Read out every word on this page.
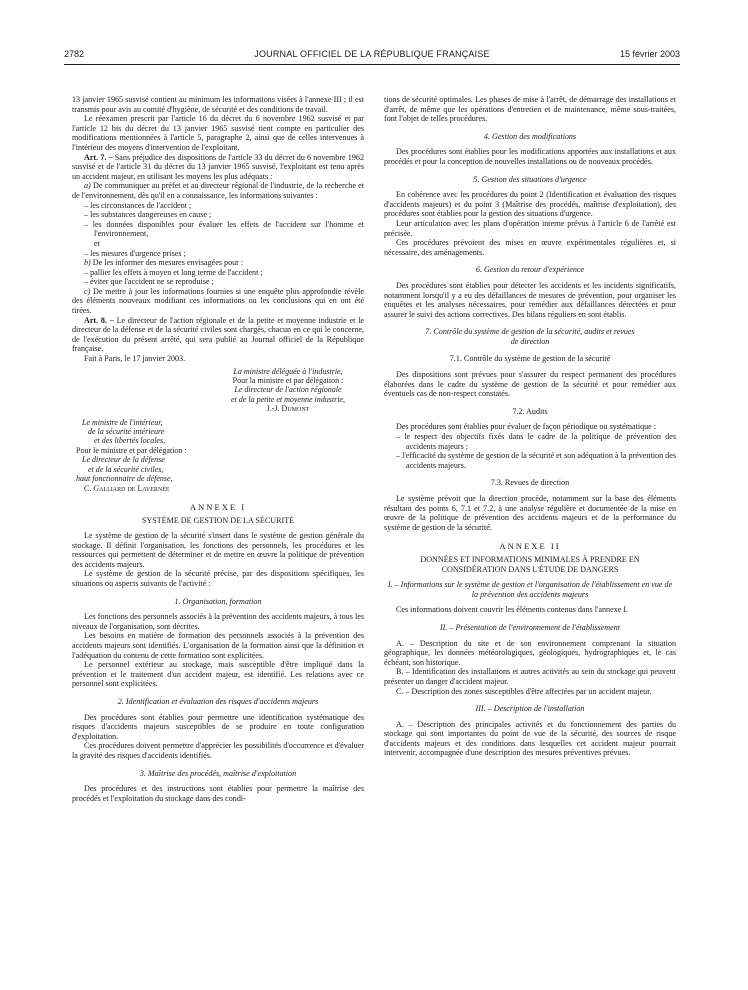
2782	JOURNAL OFFICIEL DE LA RÉPUBLIQUE FRANÇAISE	15 février 2003

13 janvier 1965 susvisé contient au minimum les informations visées à l'annexe III ; il est transmis pour avis au comité d'hygiène, de sécurité et des conditions de travail.

Le réexamen prescrit par l'article 16 du décret du 6 novembre 1962 susvisé et par l'article 12 bis du décret du 13 janvier 1965 susvisé tient compte en particulier des modifications mentionnées à l'article 5, paragraphe 2, ainsi que de celles intervenues à l'intérieur des moyens d'intervention de l'exploitant.

Art. 7. – Sans préjudice des dispositions de l'article 33 du décret du 6 novembre 1962 susvisé et de l'article 31 du décret du 13 janvier 1965 susvisé, l'exploitant est tenu après un accident majeur, en utilisant les moyens les plus adéquats :

a) De communiquer au préfet et au directeur régional de l'industrie, de la recherche et de l'environnement, dès qu'il en a connaissance, les informations suivantes :

– les circonstances de l'accident ;

– les substances dangereuses en cause ;

– les données disponibles pour évaluer les effets de l'accident sur l'homme et l'environnement,

et

– les mesures d'urgence prises ;

b) De les informer des mesures envisagées pour :

– pallier les effets à moyen et long terme de l'accident ;

– éviter que l'accident ne se reproduise ;

c) De mettre à jour les informations fournies si une enquête plus approfondie révèle des éléments nouveaux modifiant ces informations ou les conclusions qui en ont été tirées.

Art. 8. – Le directeur de l'action régionale et de la petite et moyenne industrie et le directeur de la défense et de la sécurité civiles sont chargés, chacun en ce qui le concerne, de l'exécution du présent arrêté, qui sera publié au Journal officiel de la République française.

Fait à Paris, le 17 janvier 2003.

La ministre déléguée à l'industrie,
Pour la ministre et par délégation :
Le directeur de l'action régionale
et de la petite et moyenne industrie,
J.-J. Dumont
Le ministre de l'intérieur,
de la sécurité intérieure
et des libertés locales,
Pour le ministre et par délégation :
Le directeur de la défense
et de la sécurité civiles,
haut fonctionnaire de défense,
C. Galliard de Lavernée

ANNEXE I

SYSTÈME DE GESTION DE LA SÉCURITÉ

Le système de gestion de la sécurité s'insert dans le système de gestion générale du stockage. Il définit l'organisation, les fonctions des personnels, les procédures et les ressources qui permettent de déterminer et de mettre en œuvre la politique de prévention des accidents majeurs.

Le système de gestion de la sécurité précise, par des dispositions spécifiques, les situations ou aspects suivants de l'activité :

1. Organisation, formation

Les fonctions des personnels associés à la prévention des accidents majeurs, à tous les niveaux de l'organisation, sont décrites.

Les besoins en matière de formation des personnels associés à la prévention des accidents majeurs sont identifiés. L'organisation de la formation ainsi que la définition et l'adéquation du contenu de cette formation sont explicitées.

Le personnel extérieur au stockage, mais susceptible d'être impliqué dans la prévention et le traitement d'un accident majeur, est identifié. Les relations avec ce personnel sont explicitées.

2. Identification et évaluation des risques d'accidents majeurs

Des procédures sont établies pour permettre une identification systématique des risques d'accidents majeurs susceptibles de se produire en toute configuration d'exploitation.

Ces procédures doivent permettre d'apprécier les possibilités d'occurrence et d'évaluer la gravité des risques d'accidents identifiés.

3. Maîtrise des procédés, maîtrise d'exploitation

Des procédures et des instructions sont établies pour permettre la maîtrise des procédés et l'exploitation du stockage dans des condi-

tions de sécurité optimales. Les phases de mise à l'arrêt, de démarrage des installations et d'arrêt, de même que les opérations d'entretien et de maintenance, même sous-traitées, font l'objet de telles procédures.

4. Gestion des modifications

Des procédures sont établies pour les modifications apportées aux installations et aux procédés et pour la conception de nouvelles installations ou de nouveaux procédés.

5. Gestion des situations d'urgence

En cohérence avec les procédures du point 2 (Identification et évaluation des risques d'accidents majeurs) et du point 3 (Maîtrise des procédés, maîtrise d'exploitation), des procédures sont établies pour la gestion des situations d'urgence.

Leur articulation avec les plans d'opération interne prévus à l'article 6 de l'arrêté est précisée.

Ces procédures prévoient des mises en œuvre expérimentales régulières et, si nécessaire, des aménagements.

6. Gestion du retour d'expérience

Des procédures sont établies pour détecter les accidents et les incidents significatifs, notamment lorsqu'il y a eu des défaillances de mesures de prévention, pour organiser les enquêtes et les analyses nécessaires, pour remédier aux défaillances détectées et pour assurer le suivi des actions correctives. Des bilans réguliers en sont établis.

7. Contrôle du système de gestion de la sécurité, audits et revues de direction

7.1. Contrôle du système de gestion de la sécurité

Des dispositions sont prévues pour s'assurer du respect permanent des procédures élaborées dans le cadre du système de gestion de la sécurité et pour remédier aux éventuels cas de non-respect constatés.

7.2. Audits

Des procédures sont établies pour évaluer de façon périodique ou systématique :

– le respect des objectifs fixés dans le cadre de la politique de prévention des accidents majeurs ;

– l'efficacité du système de gestion de la sécurité et son adéquation à la prévention des accidents majeurs.

7.3. Revues de direction

Le système prévoit que la direction procède, notamment sur la base des éléments résultant des points 6, 7.1 et 7.2, à une analyse régulière et documentée de la mise en œuvre de la politique de prévention des accidents majeurs et de la performance du système de gestion de la sécurité.

ANNEXE II

DONNÉES ET INFORMATIONS MINIMALES À PRENDRE EN CONSIDÉRATION DANS L'ÉTUDE DE DANGERS

I. – Informations sur le système de gestion et l'organisation de l'établissement en vue de la prévention des accidents majeurs

Ces informations doivent couvrir les éléments contenus dans l'annexe I.

II. – Présentation de l'environnement de l'établissement

A. – Description du site et de son environnement comprenant la situation géographique, les données météorologiques, géologiques, hydrographiques et, le cas échéant, son historique.

B. – Identification des installations et autres activités au sein du stockage qui peuvent présenter un danger d'accident majeur.

C. – Description des zones susceptibles d'être affectées par un accident majeur.

III. – Description de l'installation

A. – Description des principales activités et du fonctionnement des parties du stockage qui sont importantes du point de vue de la sécurité, des sources de risque d'accidents majeurs et des conditions dans lesquelles cet accident majeur pourrait intervenir, accompagnée d'une description des mesures préventives prévues.
